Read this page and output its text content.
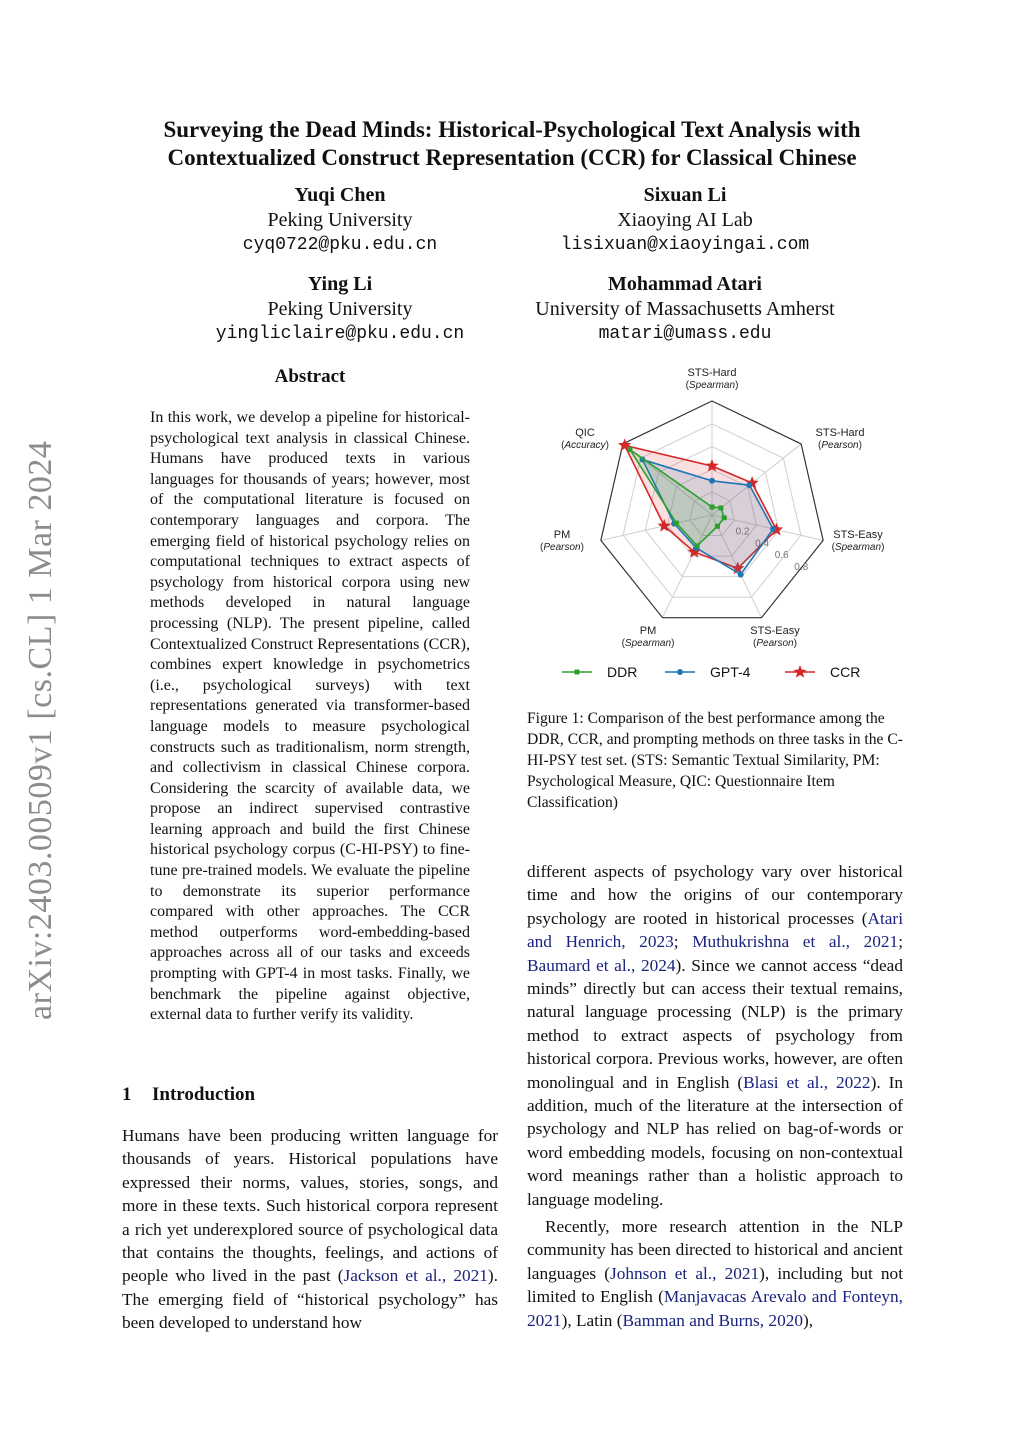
arXiv:2403.00509v1 [cs.CL] 1 Mar 2024
Surveying the Dead Minds: Historical-Psychological Text Analysis with
Contextualized Construct Representation (CCR) for Classical Chinese
Yuqi Chen
Peking University
cyq0722@pku.edu.cn
Sixuan Li
Xiaoying AI Lab
lisixuan@xiaoyingai.com
Ying Li
Peking University
yingliclaire@pku.edu.cn
Mohammad Atari
University of Massachusetts Amherst
matari@umass.edu
Abstract
In this work, we develop a pipeline for historical-psychological text analysis in classical Chinese. Humans have produced texts in various languages for thousands of years; however, most of the computational literature is focused on contemporary languages and corpora. The emerging field of historical psychology relies on computational techniques to extract aspects of psychology from historical corpora using new methods developed in natural language processing (NLP). The present pipeline, called Contextualized Construct Representations (CCR), combines expert knowledge in psychometrics (i.e., psychological surveys) with text representations generated via transformer-based language models to measure psychological constructs such as traditionalism, norm strength, and collectivism in classical Chinese corpora. Considering the scarcity of available data, we propose an indirect supervised contrastive learning approach and build the first Chinese historical psychology corpus (C-HI-PSY) to fine-tune pre-trained models. We evaluate the pipeline to demonstrate its superior performance compared with other approaches. The CCR method outperforms word-embedding-based approaches across all of our tasks and exceeds prompting with GPT-4 in most tasks. Finally, we benchmark the pipeline against objective, external data to further verify its validity.
1 Introduction
Humans have been producing written language for thousands of years. Historical populations have expressed their norms, values, stories, songs, and more in these texts. Such historical corpora represent a rich yet underexplored source of psychological data that contains the thoughts, feelings, and actions of people who lived in the past (Jackson et al., 2021). The emerging field of “historical psychology” has been developed to understand how
0.2
0.4
0.6
0.8
STS-Hard
(Spearman)
STS-Hard
(Pearson)
STS-Easy
(Spearman)
STS-Easy
(Pearson)
PM
(Spearman)
PM
(Pearson)
QIC
(Accuracy)
DDR	GPT-4	CCR
Figure 1: Comparison of the best performance among the DDR, CCR, and prompting methods on three tasks in the C-HI-PSY test set. (STS: Semantic Textual Similarity, PM: Psychological Measure, QIC: Questionnaire Item Classification)
different aspects of psychology vary over historical time and how the origins of our contemporary psychology are rooted in historical processes (Atari and Henrich, 2023; Muthukrishna et al., 2021; Baumard et al., 2024). Since we cannot access “dead minds” directly but can access their textual remains, natural language processing (NLP) is the primary method to extract aspects of psychology from historical corpora. Previous works, however, are often monolingual and in English (Blasi et al., 2022). In addition, much of the literature at the intersection of psychology and NLP has relied on bag-of-words or word embedding models, focusing on non-contextual word meanings rather than a holistic approach to language modeling.
Recently, more research attention in the NLP community has been directed to historical and ancient languages (Johnson et al., 2021), including but not limited to English (Manjavacas Arevalo and Fonteyn, 2021), Latin (Bamman and Burns, 2020),
